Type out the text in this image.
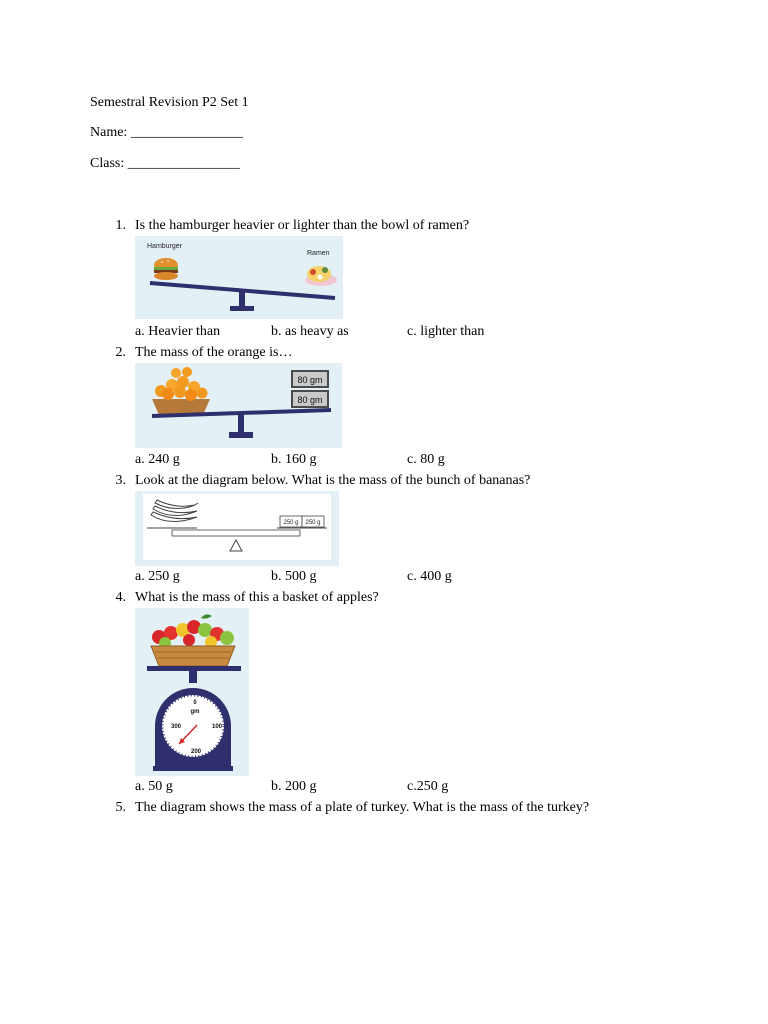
Semestral Revision P2 Set 1
Name: ________________
Class: ________________
1. Is the hamburger heavier or lighter than the bowl of ramen?
Hamburger
Ramen
a. Heavier than	b. as heavy as	c. lighter than
2. The mass of the orange is…
80 gm
80 gm
a. 240 g	b. 160 g	c. 80 g
3. Look at the diagram below. What is the mass of the bunch of bananas?
250 g 250 g
a. 250 g	b. 500 g	c. 400 g
4. What is the mass of this a basket of apples?
0
gm
300	100
200
a. 50 g	b. 200 g	c.250 g
5. The diagram shows the mass of a plate of turkey. What is the mass of the turkey?
